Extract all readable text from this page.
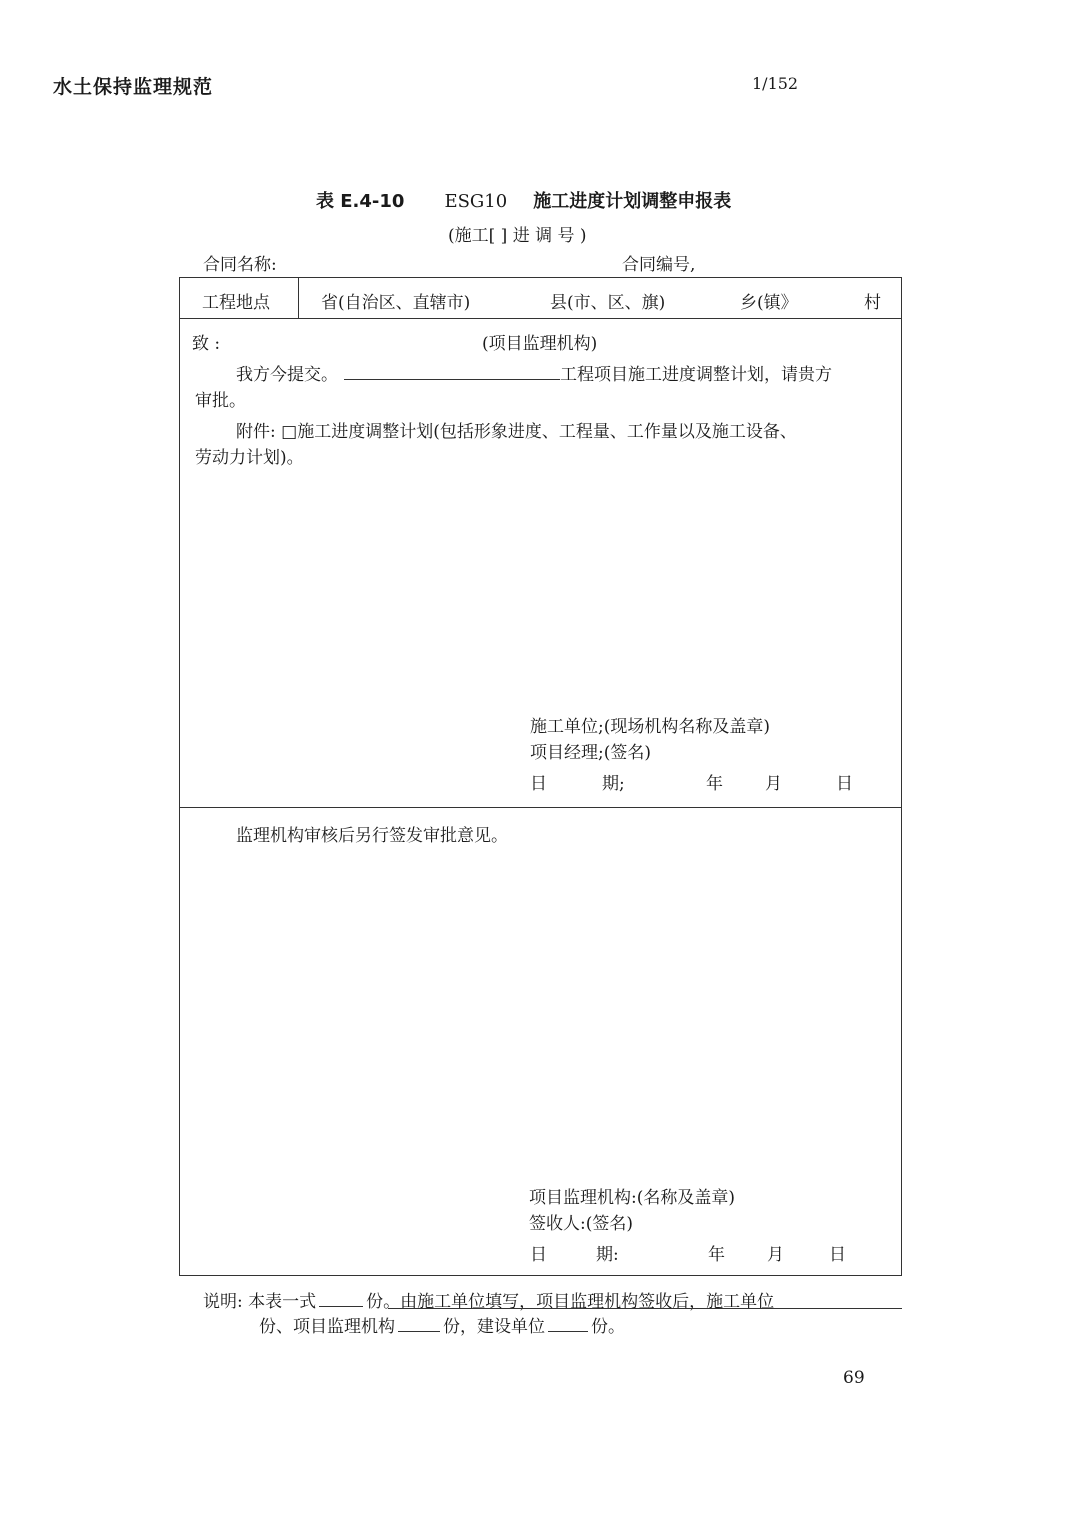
水土保持监理规范	1/152
表 E.4-10 ESG10 施工进度计划调整申报表
(施工[ ] 进 调 号 )
合同名称:	合同编号,
工程地点	省(自治区、直辖市)	县(市、区、旗)	乡(镇》	村
致 :	(项目监理机构)
我方今提交。	工程项目施工进度调整计划，请贵方
审批。
附件: □施工进度调整计划(包括形象进度、工程量、工作量以及施工设备、
劳动力计划)。
施工单位;(现场机构名称及盖章)
项目经理;(签名)
日	期;	年 月	日
监理机构审核后另行签发审批意见。
项目监理机构:(名称及盖章)
签收人:(签名)
日	期:	年 月	日
说明: 本表一式	份。由施工单位填写，项目监理机构签收后，施工单位
份、项目监理机构	份，建设单位	份。
69
